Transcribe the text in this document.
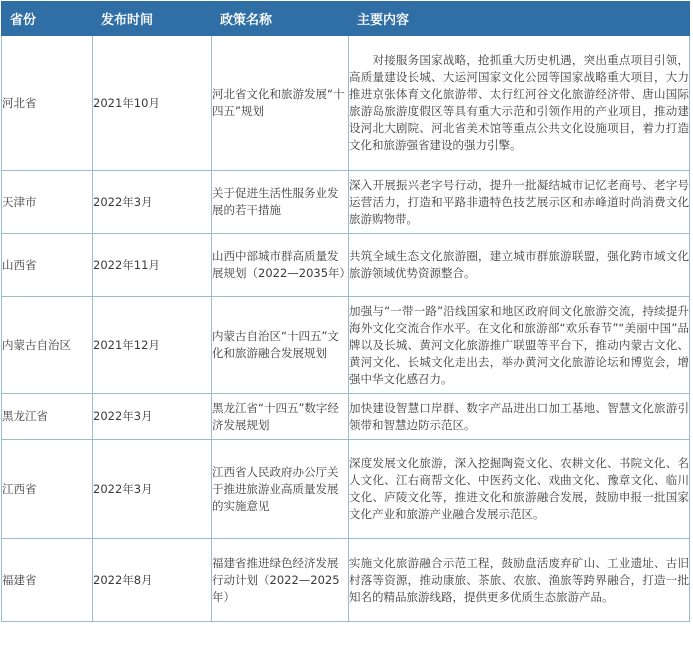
省份	发布时间	政策名称	主要内容
河北省	2021年10月	河北省文化和旅游发展“十四五”规划	　　对接服务国家战略，抢抓重大历史机遇，突出重点项目引领，高质量建设长城、大运河国家文化公园等国家战略重大项目，大力推进京张体育文化旅游带、太行红河谷文化旅游经济带、唐山国际旅游岛旅游度假区等具有重大示范和引领作用的产业项目，推动建设河北大剧院、河北省美术馆等重点公共文化设施项目，着力打造文化和旅游强省建设的强力引擎。
天津市	2022年3月	关于促进生活性服务业发展的若干措施	深入开展振兴老字号行动，提升一批凝结城市记忆老商号、老字号运营活力，打造和平路非遗特色技艺展示区和赤峰道时尚消费文化旅游购物带。
山西省	2022年11月	山西中部城市群高质量发展规划（2022—2035年）	共筑全域生态文化旅游圈，建立城市群旅游联盟，强化跨市域文化旅游领域优势资源整合。
内蒙古自治区	2021年12月	内蒙古自治区“十四五”文化和旅游融合发展规划	加强与“一带一路”沿线国家和地区政府间文化旅游交流，持续提升海外文化交流合作水平。在文化和旅游部“欢乐春节”“美丽中国”品牌以及长城、黄河文化旅游推广联盟等平台下，推动内蒙古文化、黄河文化、长城文化走出去，举办黄河文化旅游论坛和博览会，增强中华文化感召力。
黑龙江省	2022年3月	黑龙江省“十四五”数字经济发展规划	加快建设智慧口岸群、数字产品进出口加工基地、智慧文化旅游引领带和智慧边防示范区。
江西省	2022年3月	江西省人民政府办公厅关于推进旅游业高质量发展的实施意见	深度发展文化旅游，深入挖掘陶瓷文化、农耕文化、书院文化、名人文化、江右商帮文化、中医药文化、戏曲文化、豫章文化、临川文化、庐陵文化等，推进文化和旅游融合发展，鼓励申报一批国家文化产业和旅游产业融合发展示范区。
福建省	2022年8月	福建省推进绿色经济发展行动计划（2022—2025年）	实施文化旅游融合示范工程，鼓励盘活废弃矿山、工业遗址、古旧村落等资源，推动康旅、茶旅、农旅、渔旅等跨界融合，打造一批知名的精品旅游线路，提供更多优质生态旅游产品。
